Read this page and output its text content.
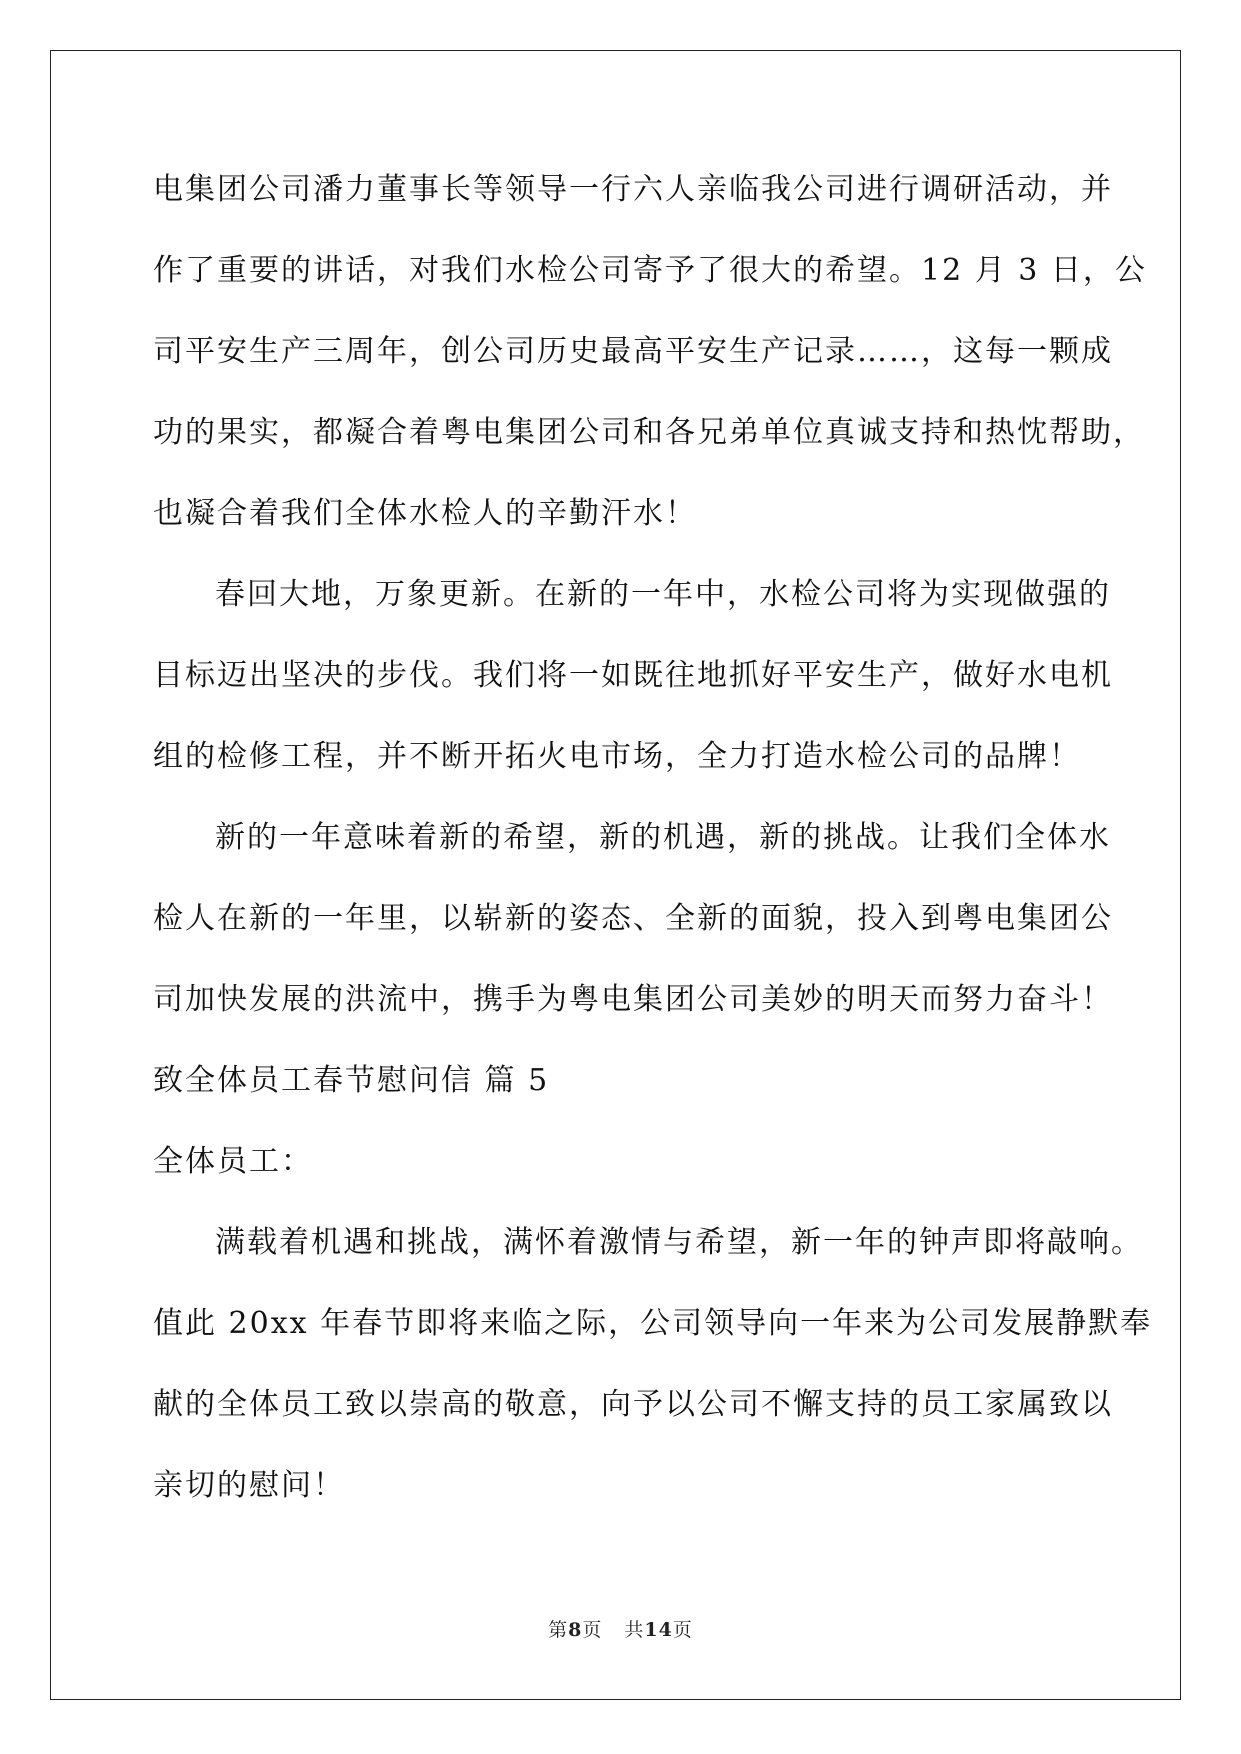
电集团公司潘力董事长等领导一行六人亲临我公司进行调研活动，并
作了重要的讲话，对我们水检公司寄予了很大的希望。12 月 3 日，公
司平安生产三周年，创公司历史最高平安生产记录……，这每一颗成
功的果实，都凝合着粤电集团公司和各兄弟单位真诚支持和热忱帮助，
也凝合着我们全体水检人的辛勤汗水！
春回大地，万象更新。在新的一年中，水检公司将为实现做强的
目标迈出坚决的步伐。我们将一如既往地抓好平安生产，做好水电机
组的检修工程，并不断开拓火电市场，全力打造水检公司的品牌！
新的一年意味着新的希望，新的机遇，新的挑战。让我们全体水
检人在新的一年里，以崭新的姿态、全新的面貌，投入到粤电集团公
司加快发展的洪流中，携手为粤电集团公司美妙的明天而努力奋斗！
致全体员工春节慰问信 篇 5
全体员工：
满载着机遇和挑战，满怀着激情与希望，新一年的钟声即将敲响。
值此 20xx 年春节即将来临之际，公司领导向一年来为公司发展静默奉
献的全体员工致以崇高的敬意，向予以公司不懈支持的员工家属致以
亲切的慰问！
第8页 共14页
